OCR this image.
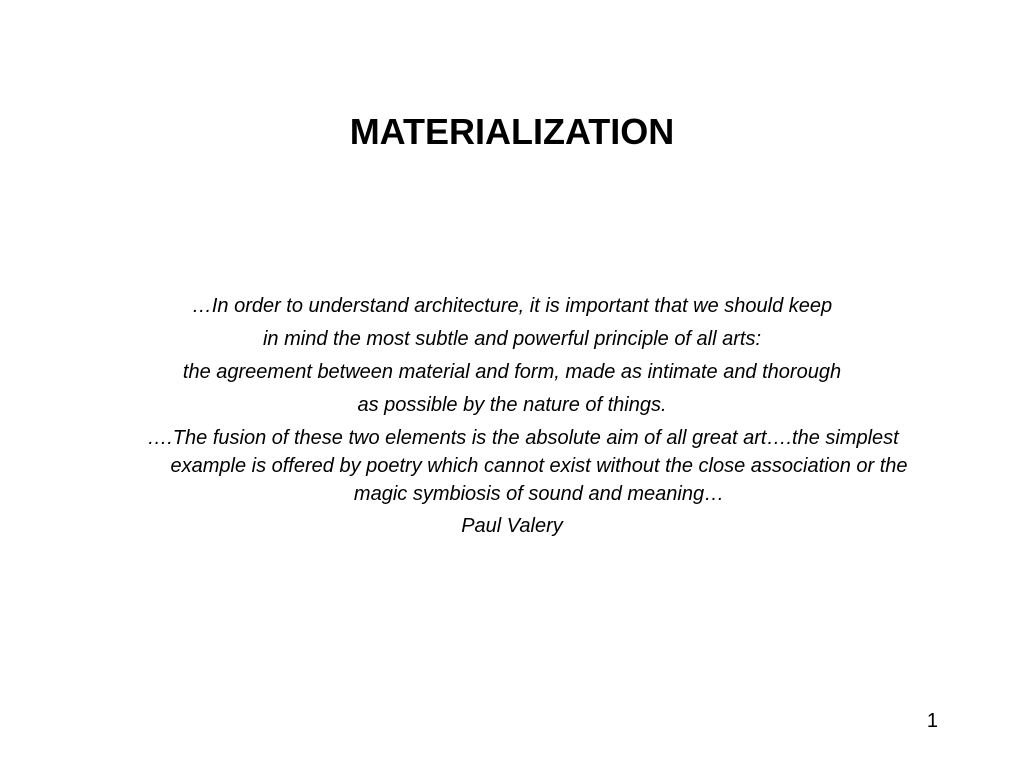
MATERIALIZATION
…In order to understand architecture, it is important that we should keep
in mind the most subtle and powerful principle of all arts:
the agreement between material and form, made as intimate and thorough
as possible by the nature of things.
….The fusion of these two elements is the absolute aim of all great art….the simplest example is offered by poetry which cannot exist without the close association or the magic symbiosis of sound and meaning…
Paul Valery
1
